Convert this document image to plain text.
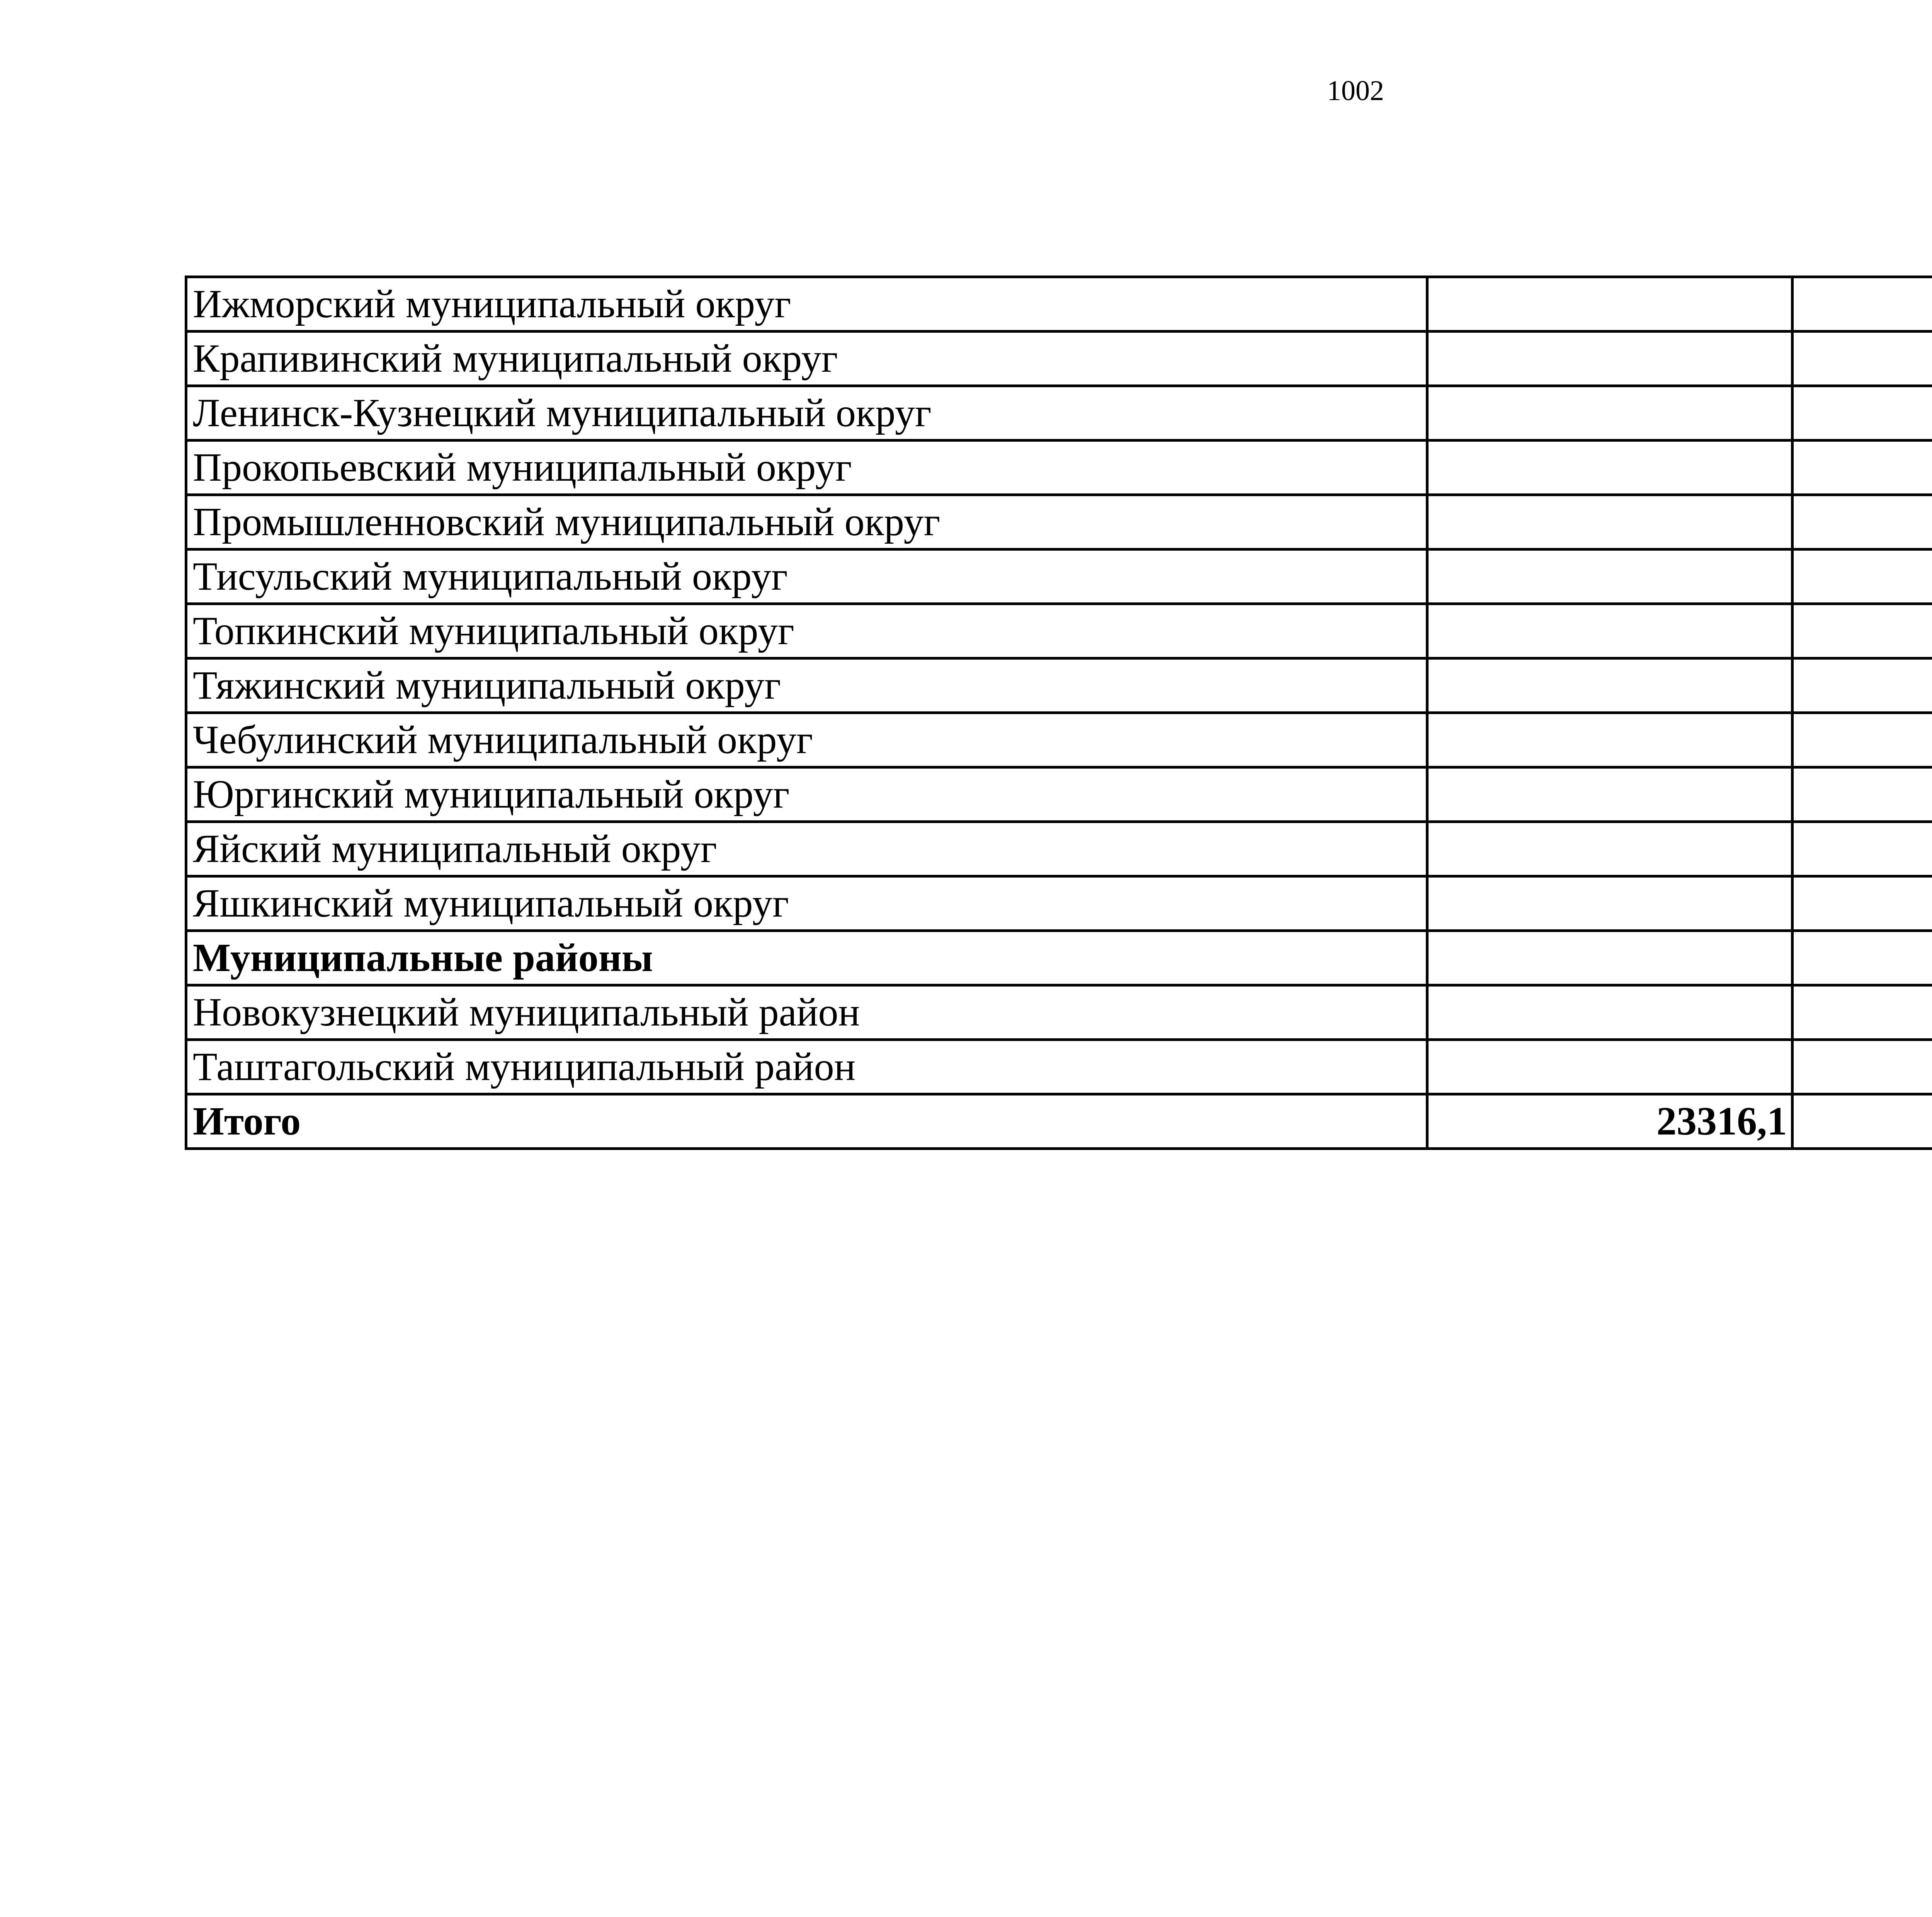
1002
Ижморский муниципальный округ			
Крапивинский муниципальный округ			
Ленинск-Кузнецкий муниципальный округ			
Прокопьевский муниципальный округ			
Промышленновский муниципальный округ			
Тисульский муниципальный округ			
Топкинский муниципальный округ			
Тяжинский муниципальный округ			
Чебулинский муниципальный округ			
Юргинский муниципальный округ			
Яйский муниципальный округ			
Яшкинский муниципальный округ			
Муниципальные районы			
Новокузнецкий муниципальный район			
Таштагольский муниципальный район			
Итого	23316,1		
